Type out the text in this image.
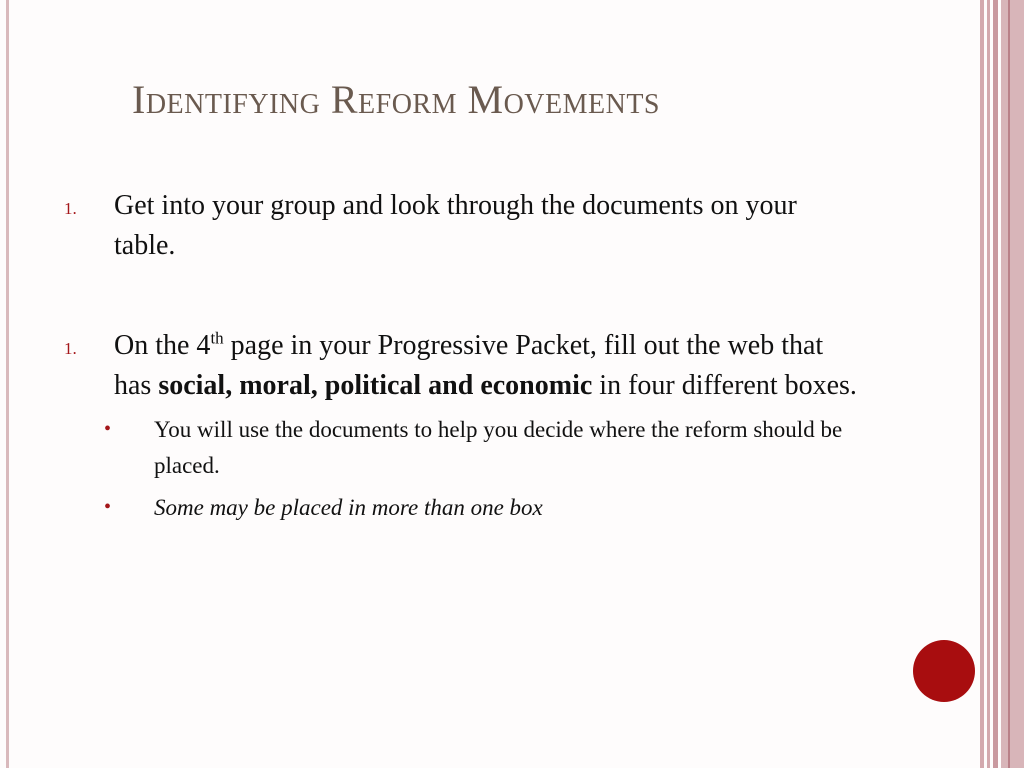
Identifying Reform Movements
1. Get into your group and look through the documents on your table.
1. On the 4th page in your Progressive Packet, fill out the web that has social, moral, political and economic in four different boxes.
• You will use the documents to help you decide where the reform should be placed.
• Some may be placed in more than one box
